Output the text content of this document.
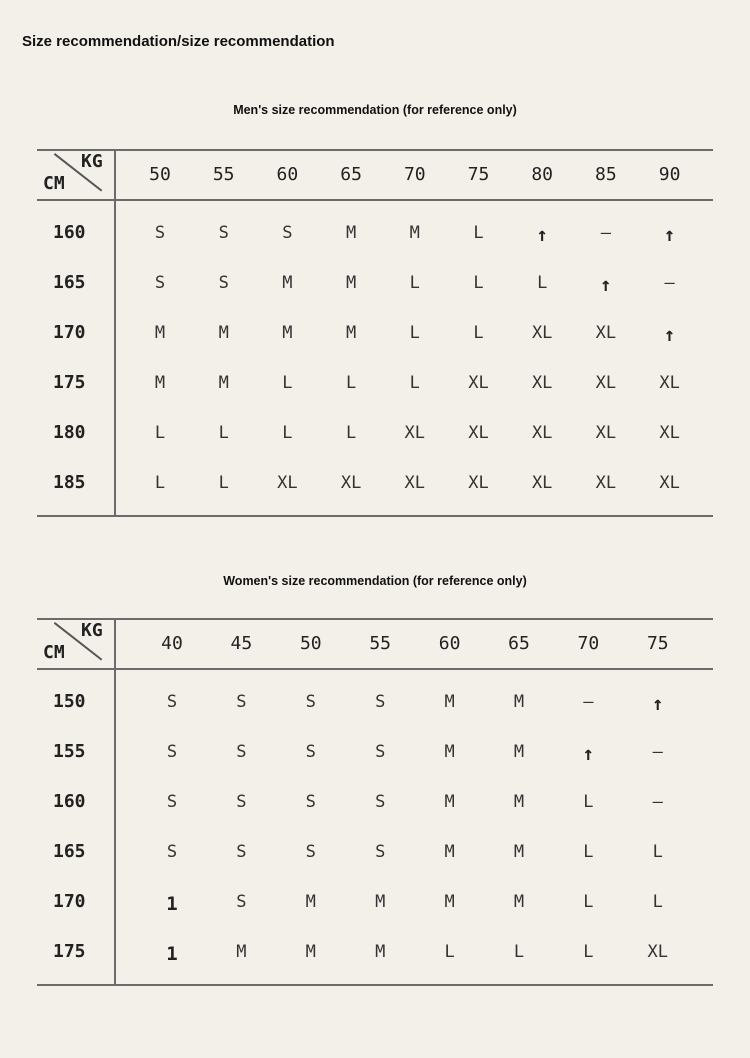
Size recommendation/size recommendation
Men's size recommendation (for reference only)
KG
CM	50	55	60	65	70	75	80	85	90
160	S	S	S	M	M	L	↑	—	↑
165	S	S	M	M	L	L	L	↑	—
170	M	M	M	M	L	L	XL	XL	↑
175	M	M	L	L	L	XL	XL	XL	XL
180	L	L	L	L	XL	XL	XL	XL	XL
185	L	L	XL	XL	XL	XL	XL	XL	XL
Women's size recommendation (for reference only)
KG
CM	40	45	50	55	60	65	70	75
150	S	S	S	S	M	M	—	↑
155	S	S	S	S	M	M	↑	—
160	S	S	S	S	M	M	L	—
165	S	S	S	S	M	M	L	L
170	1	S	M	M	M	M	L	L
175	1	M	M	M	L	L	L	XL
